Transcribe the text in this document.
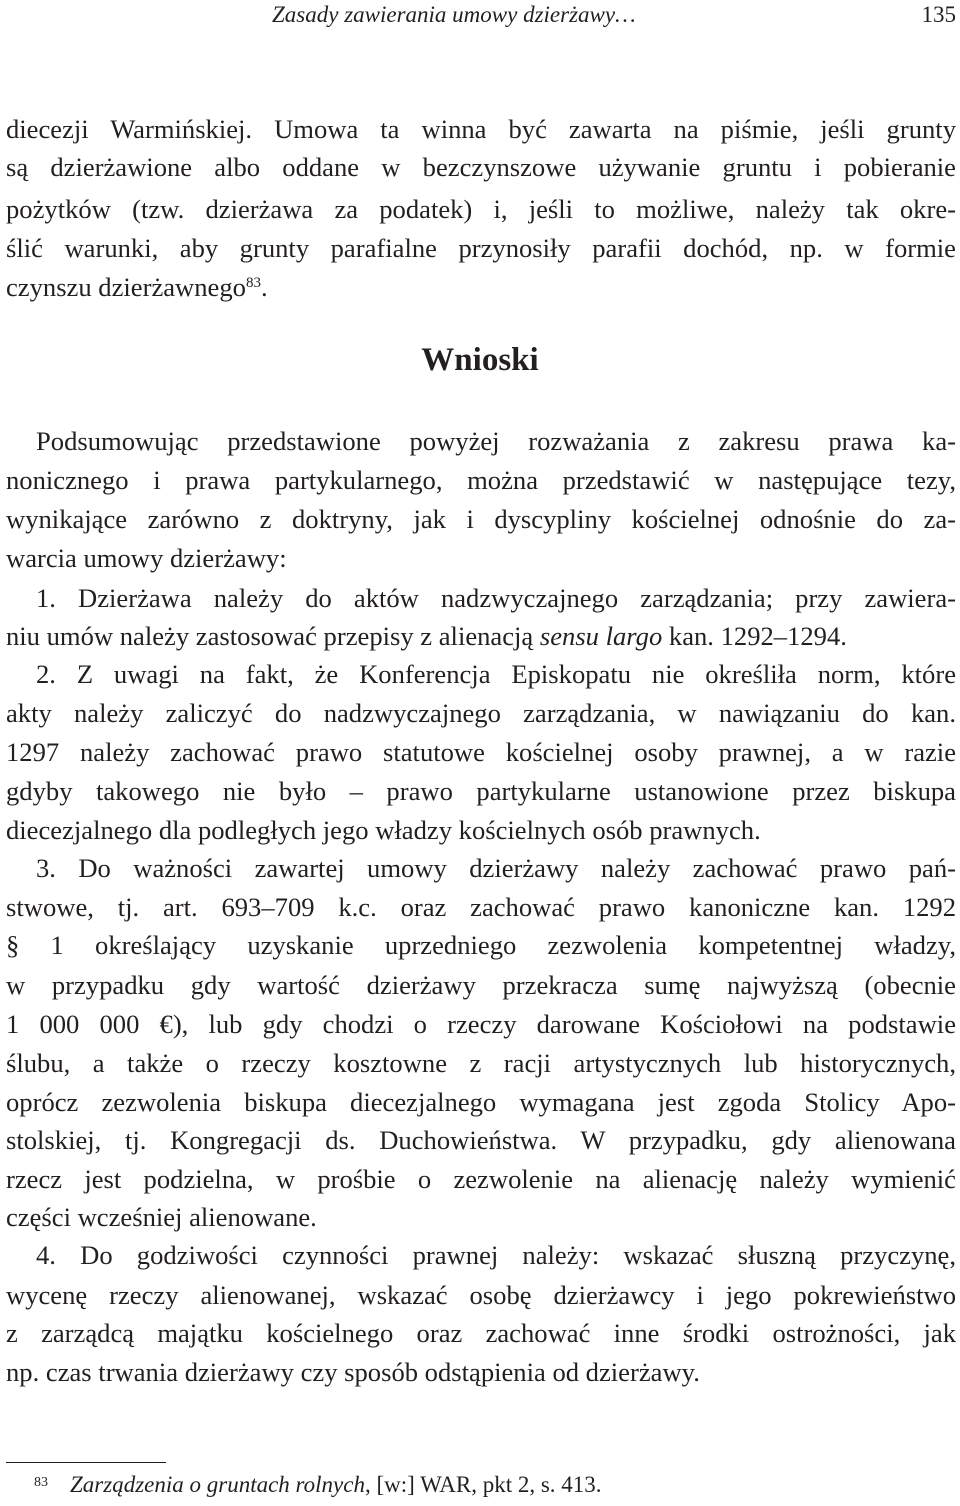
Zasady zawierania umowy dzierżawy…	135
diecezji Warmińskiej. Umowa ta winna być zawarta na piśmie, jeśli grunty
są dzierżawione albo oddane w bezczynszowe używanie gruntu i pobieranie
pożytków (tzw. dzierżawa za podatek) i, jeśli to możliwe, należy tak okre-
ślić warunki, aby grunty parafialne przynosiły parafii dochód, np. w formie
czynszu dzierżawnego$^{83}$.
Wnioski
Podsumowując przedstawione powyżej rozważania z zakresu prawa ka-
nonicznego i prawa partykularnego, można przedstawić w następujące tezy,
wynikające zarówno z doktryny, jak i dyscypliny kościelnej odnośnie do za-
warcia umowy dzierżawy:
1. Dzierżawa należy do aktów nadzwyczajnego zarządzania; przy zawiera-
niu umów należy zastosować przepisy z alienacją sensu largo kan. 1292–1294.
2. Z uwagi na fakt, że Konferencja Episkopatu nie określiła norm, które
akty należy zaliczyć do nadzwyczajnego zarządzania, w nawiązaniu do kan.
1297 należy zachować prawo statutowe kościelnej osoby prawnej, a w razie
gdyby takowego nie było – prawo partykularne ustanowione przez biskupa
diecezjalnego dla podległych jego władzy kościelnych osób prawnych.
3. Do ważności zawartej umowy dzierżawy należy zachować prawo pań-
stwowe, tj. art. 693–709 k.c. oraz zachować prawo kanoniczne kan. 1292
§ 1 określający uzyskanie uprzedniego zezwolenia kompetentnej władzy,
w przypadku gdy wartość dzierżawy przekracza sumę najwyższą (obecnie
1 000 000 €), lub gdy chodzi o rzeczy darowane Kościołowi na podstawie
ślubu, a także o rzeczy kosztowne z racji artystycznych lub historycznych,
oprócz zezwolenia biskupa diecezjalnego wymagana jest zgoda Stolicy Apo-
stolskiej, tj. Kongregacji ds. Duchowieństwa. W przypadku, gdy alienowana
rzecz jest podzielna, w prośbie o zezwolenie na alienację należy wymienić
części wcześniej alienowane.
4. Do godziwości czynności prawnej należy: wskazać słuszną przyczynę,
wycenę rzeczy alienowanej, wskazać osobę dzierżawcy i jego pokrewieństwo
z zarządcą majątku kościelnego oraz zachować inne środki ostrożności, jak
np. czas trwania dzierżawy czy sposób odstąpienia od dzierżawy.
$^{83}$ Zarządzenia o gruntach rolnych, [w:] WAR, pkt 2, s. 413.
